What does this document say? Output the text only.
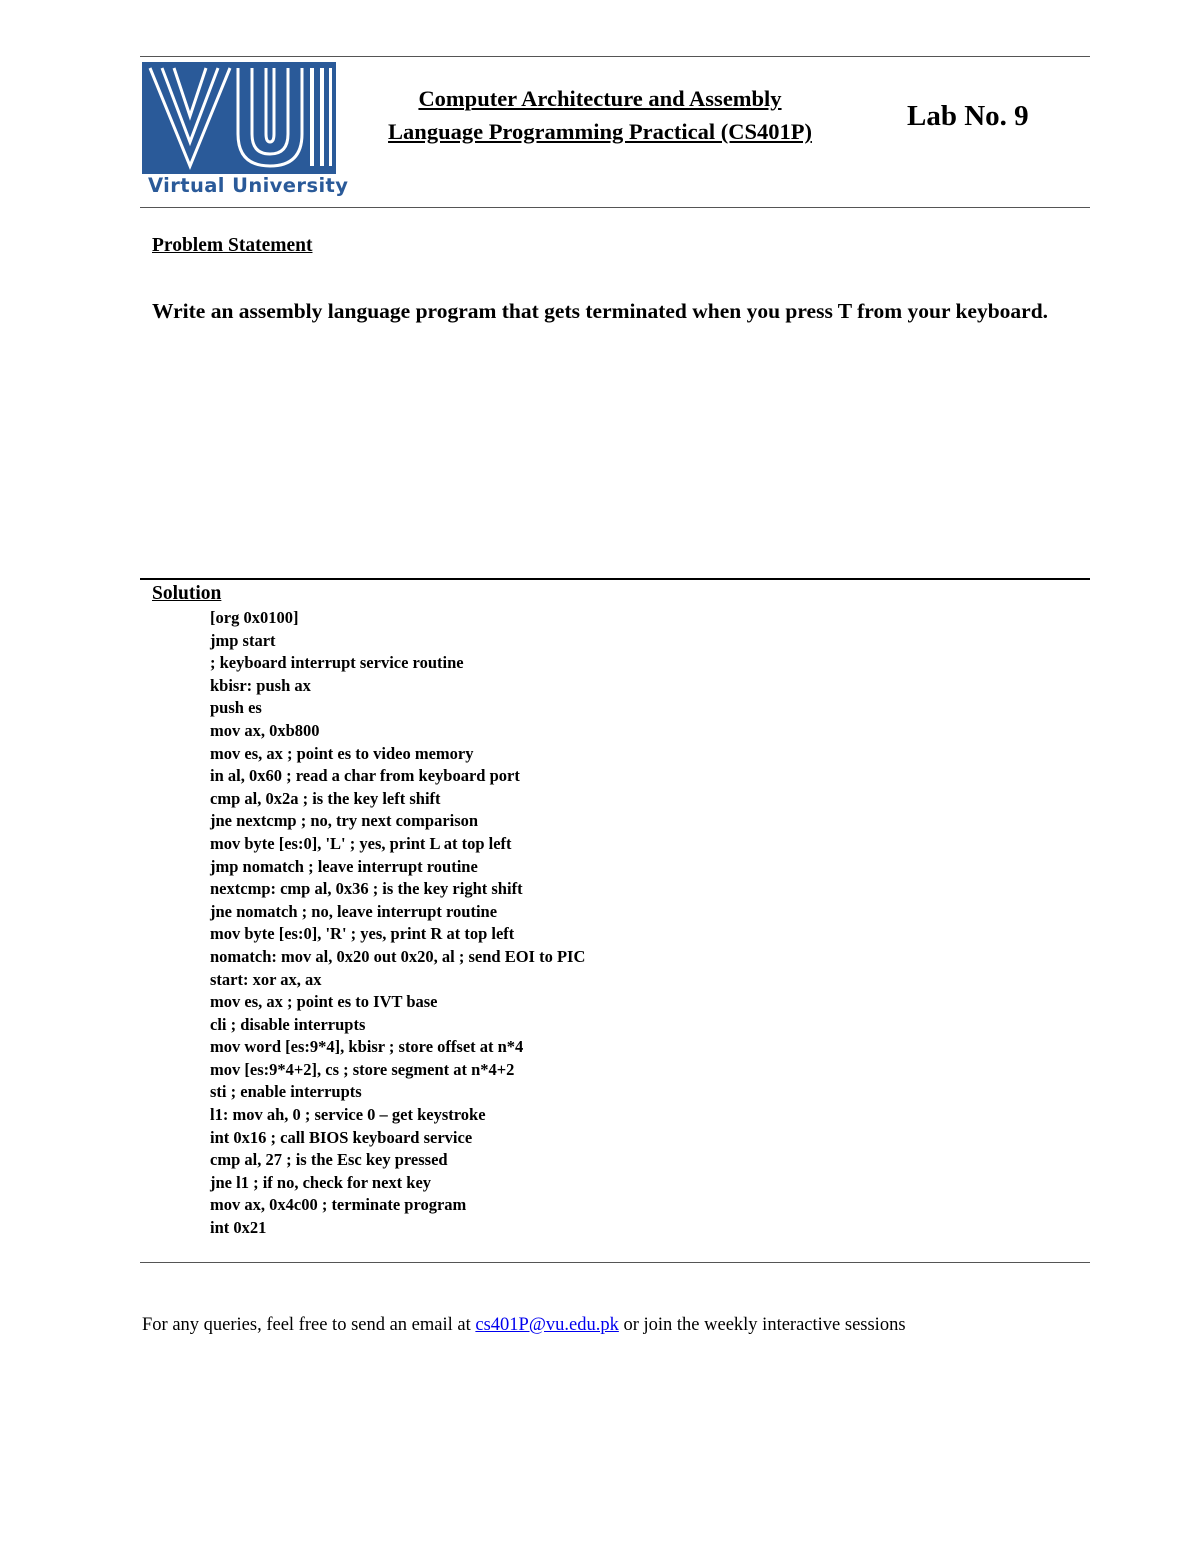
Virtual University
Computer Architecture and Assembly
Language Programming Practical (CS401P)	Lab No. 9
Problem Statement
Write an assembly language program that gets terminated when you press T from your keyboard.
Solution
[org 0x0100]
jmp start
; keyboard interrupt service routine
kbisr: push ax
push es
mov ax, 0xb800
mov es, ax ; point es to video memory
in al, 0x60 ; read a char from keyboard port
cmp al, 0x2a ; is the key left shift
jne nextcmp ; no, try next comparison
mov byte [es:0], 'L' ; yes, print L at top left
jmp nomatch ; leave interrupt routine
nextcmp: cmp al, 0x36 ; is the key right shift
jne nomatch ; no, leave interrupt routine
mov byte [es:0], 'R' ; yes, print R at top left
nomatch: mov al, 0x20 out 0x20, al ; send EOI to PIC
start: xor ax, ax
mov es, ax ; point es to IVT base
cli ; disable interrupts
mov word [es:9*4], kbisr ; store offset at n*4
mov [es:9*4+2], cs ; store segment at n*4+2
sti ; enable interrupts
l1: mov ah, 0 ; service 0 – get keystroke
int 0x16 ; call BIOS keyboard service
cmp al, 27 ; is the Esc key pressed
jne l1 ; if no, check for next key
mov ax, 0x4c00 ; terminate program
int 0x21
For any queries, feel free to send an email at cs401P@vu.edu.pk or join the weekly interactive sessions
